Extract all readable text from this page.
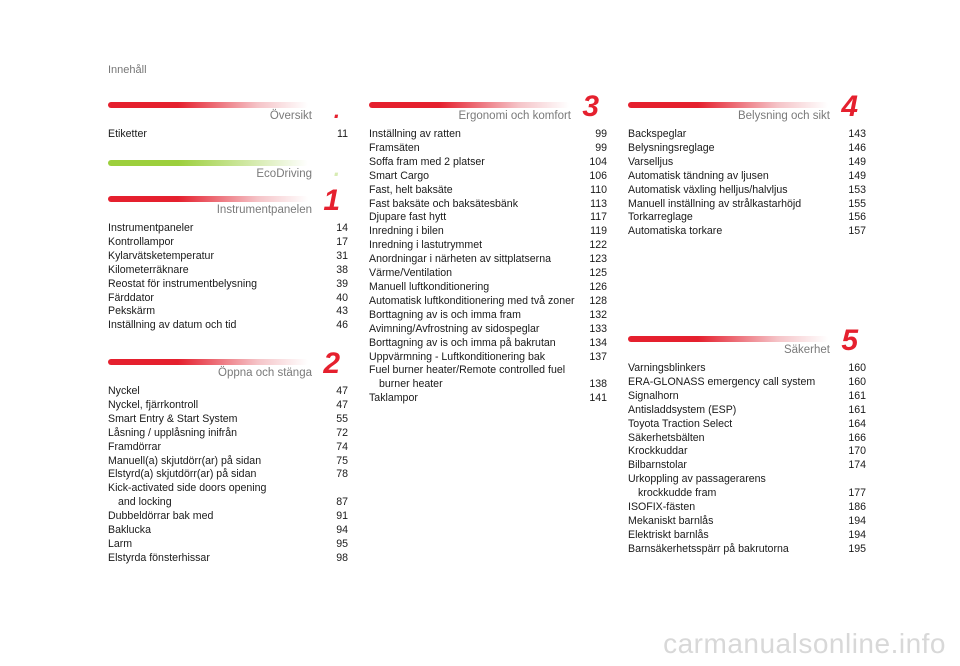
Innehåll
Översikt .
Etiketter	11
EcoDriving .
Instrumentpanelen 1
Instrumentpaneler	14
Kontrollampor	17
Kylarvätsketemperatur	31
Kilometerräknare	38
Reostat för instrumentbelysning	39
Färddator	40
Pekskärm	43
Inställning av datum och tid	46
Öppna och stänga 2
Nyckel	47
Nyckel, fjärrkontroll	47
Smart Entry & Start System	55
Låsning / upplåsning inifrån	72
Framdörrar	74
Manuell(a) skjutdörr(ar) på sidan	75
Elstyrd(a) skjutdörr(ar) på sidan	78
Kick-activated side doors opening
and locking	87
Dubbeldörrar bak med	91
Baklucka	94
Larm	95
Elstyrda fönsterhissar	98
Ergonomi och komfort 3
Inställning av ratten	99
Framsäten	99
Soffa fram med 2 platser	104
Smart Cargo	106
Fast, helt baksäte	110
Fast baksäte och baksätesbänk	113
Djupare fast hytt	117
Inredning i bilen	119
Inredning i lastutrymmet	122
Anordningar i närheten av sittplatserna	123
Värme/Ventilation	125
Manuell luftkonditionering	126
Automatisk luftkonditionering med två zoner 128
Borttagning av is och imma fram	132
Avimning/Avfrostning av sidospeglar	133
Borttagning av is och imma på bakrutan	134
Uppvärmning - Luftkonditionering bak	137
Fuel burner heater/Remote controlled fuel
burner heater	138
Taklampor	141
Belysning och sikt 4
Backspeglar	143
Belysningsreglage	146
Varselljus	149
Automatisk tändning av ljusen	149
Automatisk växling helljus/halvljus	153
Manuell inställning av strålkastarhöjd	155
Torkarreglage	156
Automatiska torkare	157
Säkerhet 5
Varningsblinkers	160
ERA-GLONASS emergency call system	160
Signalhorn	161
Antisladdsystem (ESP)	161
Toyota Traction Select	164
Säkerhetsbälten	166
Krockkuddar	170
Bilbarnstolar	174
Urkoppling av passagerarens
krockkudde fram	177
ISOFIX-fästen	186
Mekaniskt barnlås	194
Elektriskt barnlås	194
Barnsäkerhetsspärr på bakrutorna	195
carmanualsonline.info
